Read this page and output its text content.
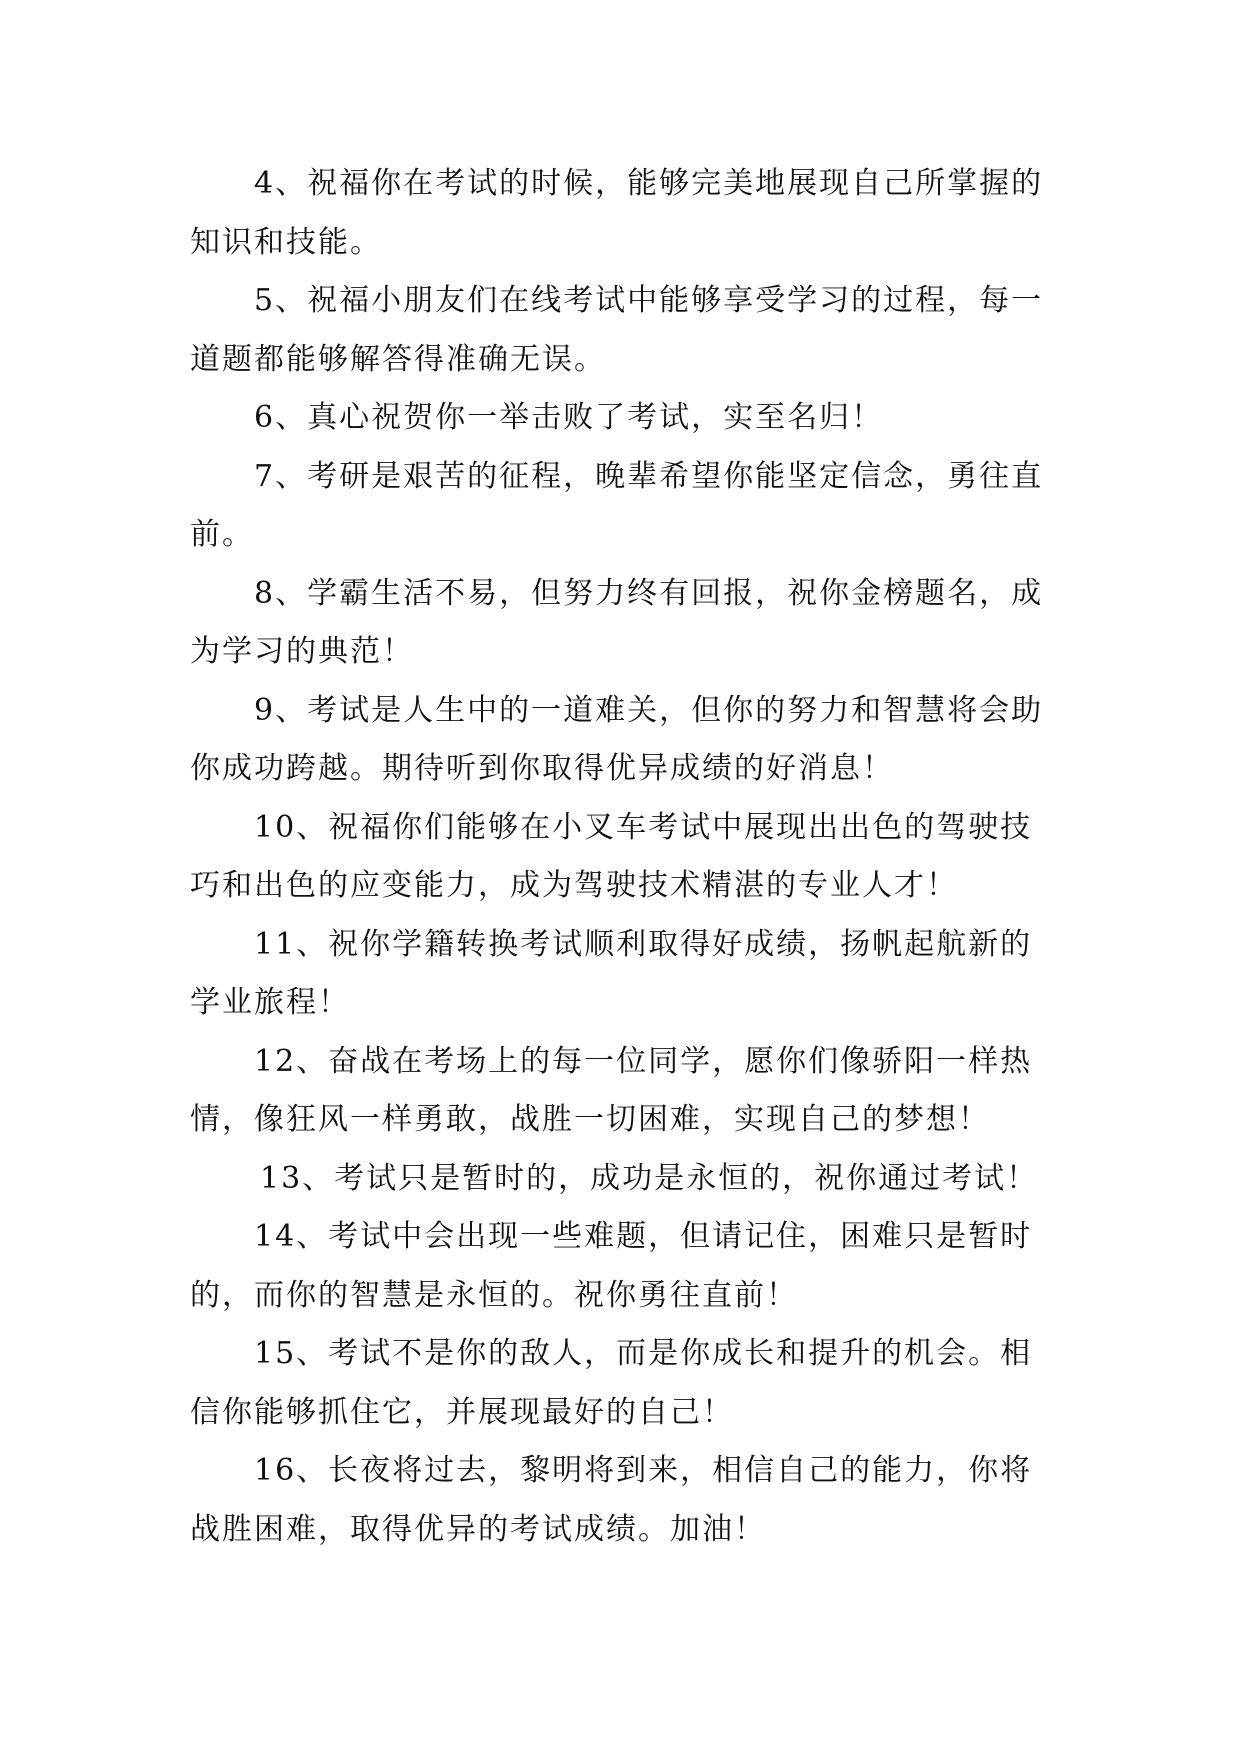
4、祝福你在考试的时候，能够完美地展现自己所掌握的知识和技能。

5、祝福小朋友们在线考试中能够享受学习的过程，每一道题都能够解答得准确无误。

6、真心祝贺你一举击败了考试，实至名归！

7、考研是艰苦的征程，晚辈希望你能坚定信念，勇往直前。

8、学霸生活不易，但努力终有回报，祝你金榜题名，成为学习的典范！

9、考试是人生中的一道难关，但你的努力和智慧将会助你成功跨越。期待听到你取得优异成绩的好消息！

10、祝福你们能够在小叉车考试中展现出出色的驾驶技巧和出色的应变能力，成为驾驶技术精湛的专业人才！

11、祝你学籍转换考试顺利取得好成绩，扬帆起航新的学业旅程！

12、奋战在考场上的每一位同学，愿你们像骄阳一样热情，像狂风一样勇敢，战胜一切困难，实现自己的梦想！

13、考试只是暂时的，成功是永恒的，祝你通过考试！

14、考试中会出现一些难题，但请记住，困难只是暂时的，而你的智慧是永恒的。祝你勇往直前！

15、考试不是你的敌人，而是你成长和提升的机会。相信你能够抓住它，并展现最好的自己！

16、长夜将过去，黎明将到来，相信自己的能力，你将战胜困难，取得优异的考试成绩。加油！
